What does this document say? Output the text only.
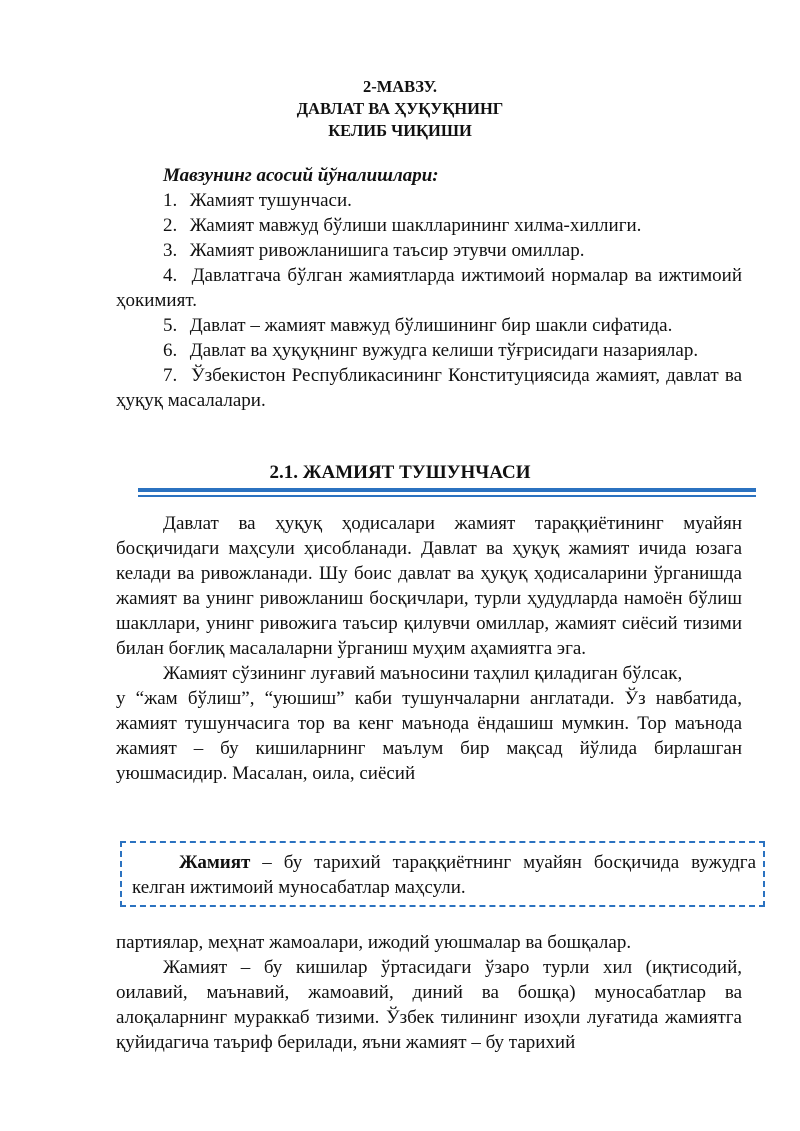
2-МАВЗУ.
ДАВЛАТ ВА ҲУҚУҚНИНГ
КЕЛИБ ЧИҚИШИ

Мавзунинг асосий йўналишлари:

1. Жамият тушунчаси.

2. Жамият мавжуд бўлиши шаклларининг хилма-хиллиги.

3. Жамият ривожланишига таъсир этувчи омиллар.

4. Давлатгача бўлган жамиятларда ижтимоий нормалар ва ижтимоий ҳокимият.

5. Давлат – жамият мавжуд бўлишининг бир шакли сифатида.

6. Давлат ва ҳуқуқнинг вужудга келиши тўғрисидаги назариялар.

7. Ўзбекистон Республикасининг Конституциясида жамият, давлат ва ҳуқуқ масалалари.

2.1. ЖАМИЯТ ТУШУНЧАСИ

Давлат ва ҳуқуқ ҳодисалари жамият тараққиётининг муайян босқичидаги маҳсули ҳисобланади. Давлат ва ҳуқуқ жамият ичида юзага келади ва ривожланади. Шу боис давлат ва ҳуқуқ ҳодисаларини ўрганишда жамият ва унинг ривожланиш босқичлари, турли ҳудудларда намоён бўлиш шакллари, унинг ривожига таъсир қилувчи омиллар, жамият сиёсий тизими билан боғлиқ масалаларни ўрганиш муҳим аҳамиятга эга.

Жамият сўзининг луғавий маъносини таҳлил қиладиган бўлсак,

у “жам бўлиш”, “уюшиш” каби тушунчаларни англатади. Ўз навбатида, жамият тушунчасига тор ва кенг маънода ёндашиш мумкин. Тор маънода жамият – бу кишиларнинг маълум бир мақсад йўлида бирлашган уюшмасидир. Масалан, оила, сиёсий

Жамият – бу тарихий тараққиётнинг муайян босқичида вужудга келган ижтимоий муносабатлар маҳсули.

партиялар, меҳнат жамоалари, ижодий уюшмалар ва бошқалар.

Жамият – бу кишилар ўртасидаги ўзаро турли хил (иқтисодий, оилавий, маънавий, жамоавий, диний ва бошқа) муносабатлар ва алоқаларнинг мураккаб тизими. Ўзбек тилининг изоҳли луғатида жамиятга қуйидагича таъриф берилади, яъни жамият – бу тарихий
